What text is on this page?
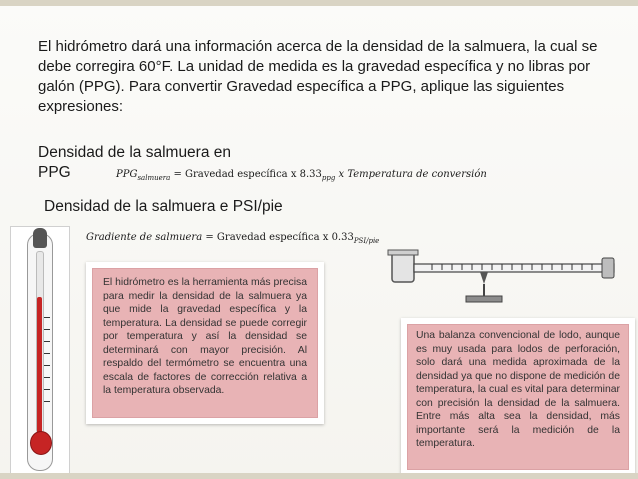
El hidrómetro dará una información acerca de la densidad de la salmuera, la cual se debe corregira 60°F. La unidad de medida es la gravedad específica y no libras por galón (PPG). Para convertir Gravedad específica a PPG, aplique las siguientes expresiones:

Densidad de la salmuera en PPG	$PPG_{salmuera}$ = Gravedad específica x $8.33_{ppg}$ x Temperatura de conversión
Densidad de la salmuera e PSI/pie
Gradiente de salmuera = Gravedad específica x $0.33_{PSI/pie}$
El hidrómetro es la herramienta más precisa para medir la densidad de la salmuera ya que mide la gravedad específica y la temperatura. La densidad se puede corregir por temperatura y así la densidad se determinará con mayor precisión. Al respaldo del termómetro se encuentra una escala de factores de corrección relativa a la temperatura observada.
Una balanza convencional de lodo, aunque es muy usada para lodos de perforación, solo dará una medida aproximada de la densidad ya que no dispone de medición de temperatura, la cual es vital para determinar con precisión la densidad de la salmuera. Entre más alta sea la densidad, más importante será la medición de la temperatura.
